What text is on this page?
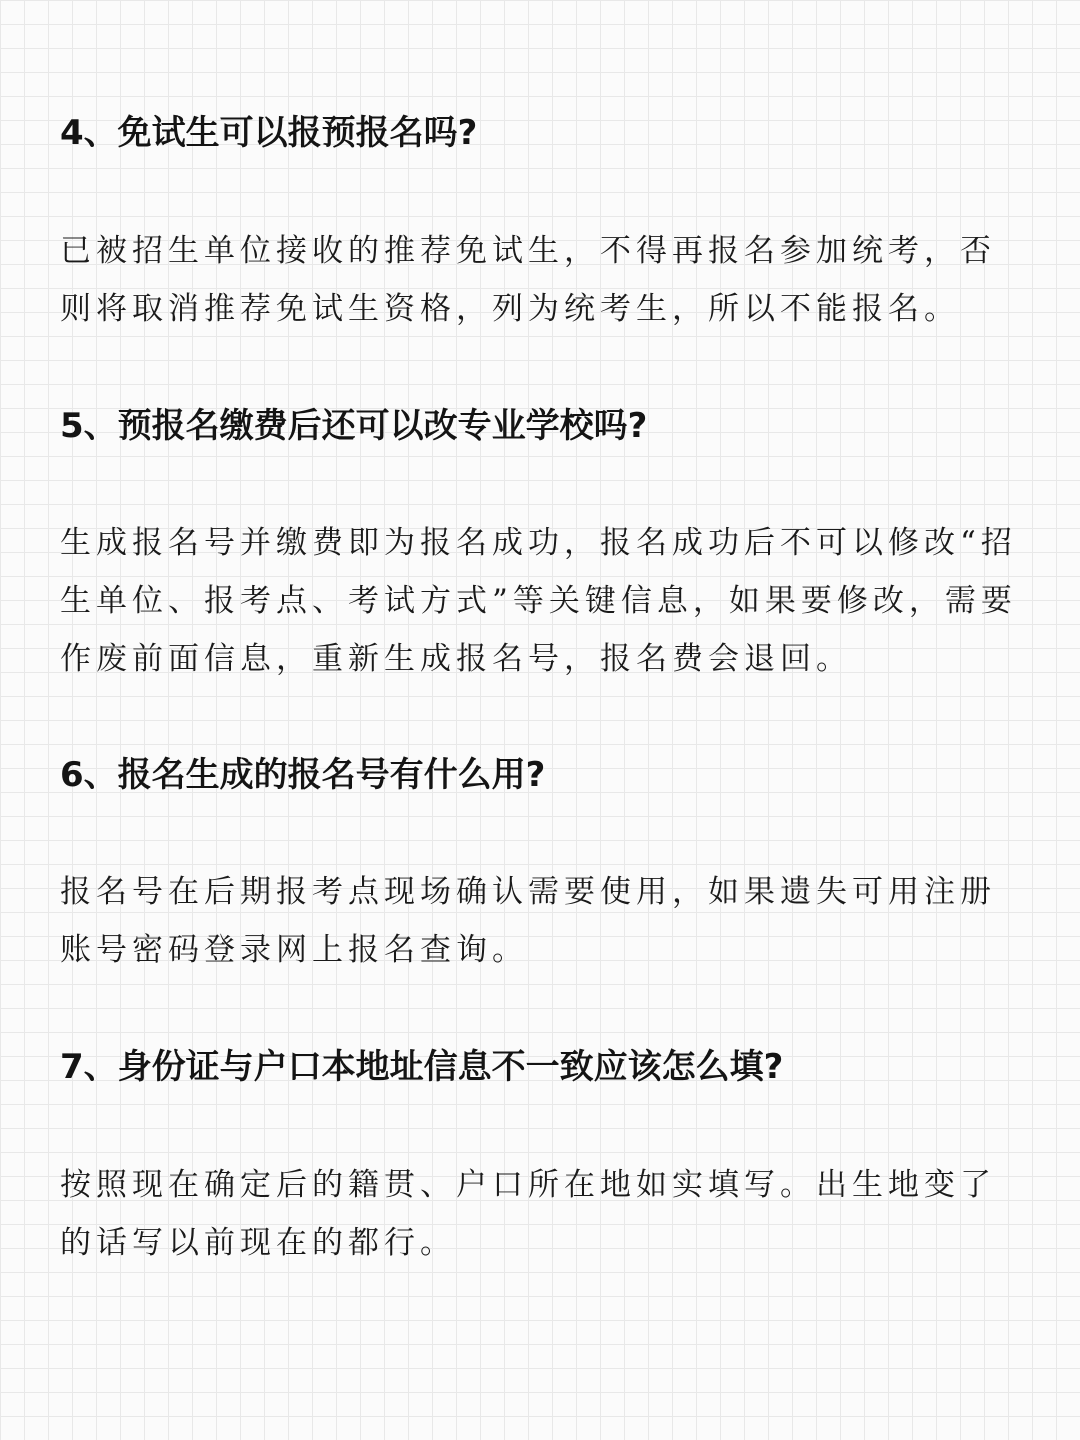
4、免试生可以报预报名吗?

已被招生单位接收的推荐免试生，不得再报名参加统考，否则将取消推荐免试生资格，列为统考生，所以不能报名。

5、预报名缴费后还可以改专业学校吗?

生成报名号并缴费即为报名成功，报名成功后不可以修改“招生单位、报考点、考试方式”等关键信息，如果要修改，需要作废前面信息，重新生成报名号，报名费会退回。

6、报名生成的报名号有什么用?

报名号在后期报考点现场确认需要使用，如果遗失可用注册账号密码登录网上报名查询。

7、身份证与户口本地址信息不一致应该怎么填?

按照现在确定后的籍贯、户口所在地如实填写。出生地变了的话写以前现在的都行。
